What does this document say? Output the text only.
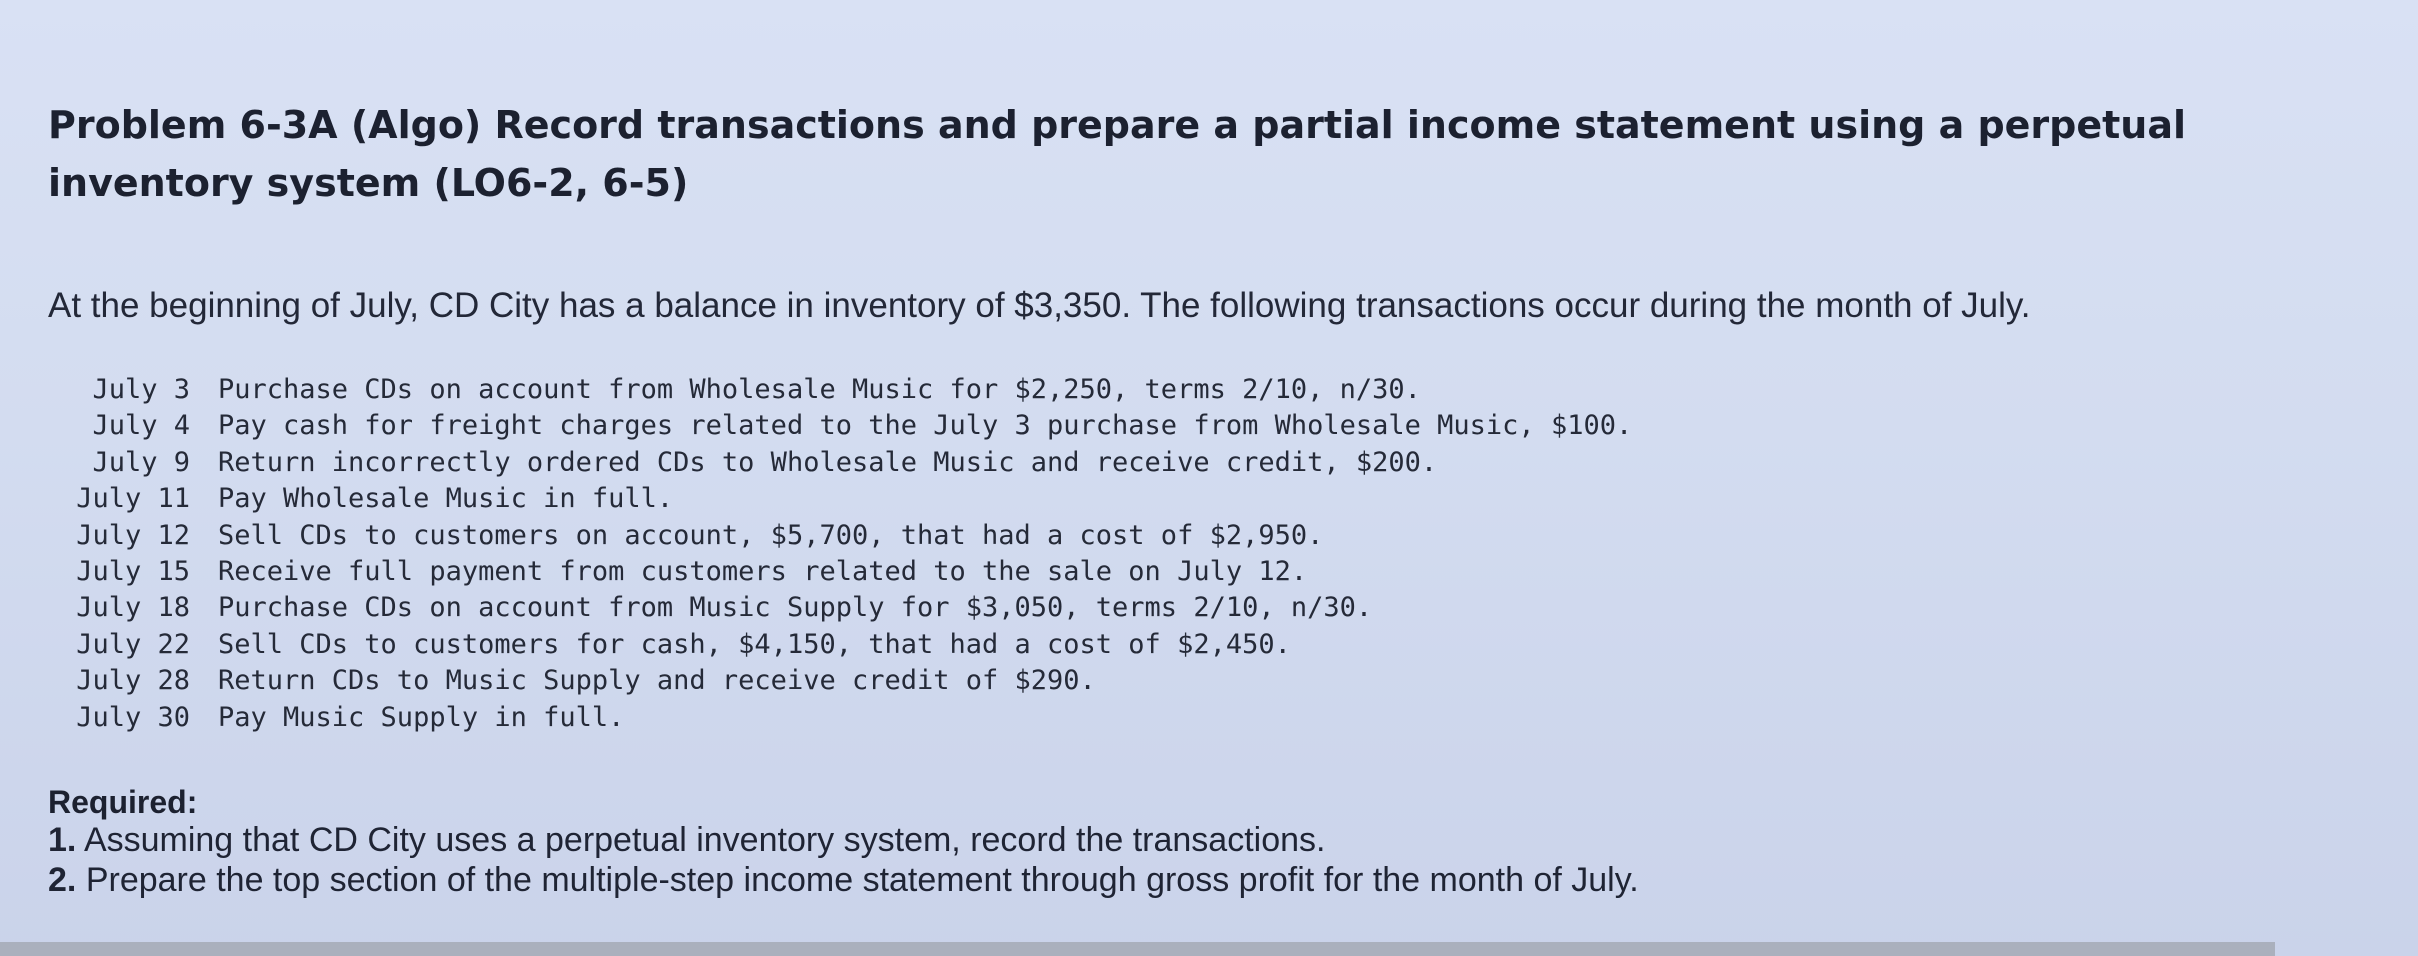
Problem 6-3A (Algo) Record transactions and prepare a partial income statement using a perpetual inventory system (LO6-2, 6-5)

At the beginning of July, CD City has a balance in inventory of $3,350. The following transactions occur during the month of July.

July 3	Purchase CDs on account from Wholesale Music for $2,250, terms 2/10, n/30.
July 4	Pay cash for freight charges related to the July 3 purchase from Wholesale Music, $100.
July 9	Return incorrectly ordered CDs to Wholesale Music and receive credit, $200.
July 11	Pay Wholesale Music in full.
July 12	Sell CDs to customers on account, $5,700, that had a cost of $2,950.
July 15	Receive full payment from customers related to the sale on July 12.
July 18	Purchase CDs on account from Music Supply for $3,050, terms 2/10, n/30.
July 22	Sell CDs to customers for cash, $4,150, that had a cost of $2,450.
July 28	Return CDs to Music Supply and receive credit of $290.
July 30	Pay Music Supply in full.
Required:
1. Assuming that CD City uses a perpetual inventory system, record the transactions.
2. Prepare the top section of the multiple-step income statement through gross profit for the month of July.
